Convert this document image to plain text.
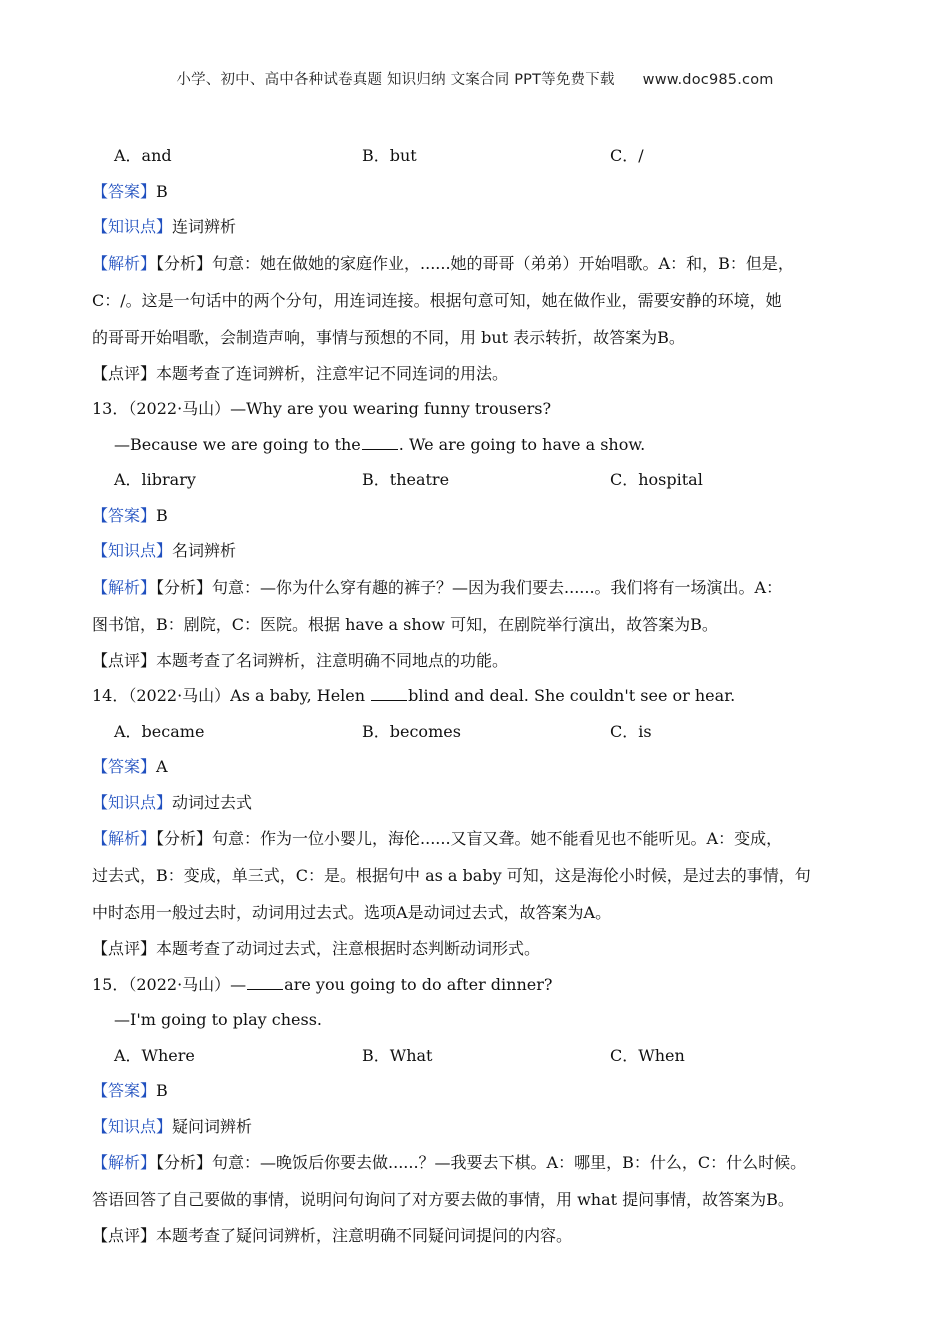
小学、初中、高中各种试卷真题 知识归纳 文案合同 PPT等免费下载 www.doc985.com
A．and	B．but	C．/
【答案】B
【知识点】连词辨析
【解析】【分析】句意：她在做她的家庭作业，......她的哥哥（弟弟）开始唱歌。A：和，B：但是，
C：/。这是一句话中的两个分句，用连词连接。根据句意可知，她在做作业，需要安静的环境，她
的哥哥开始唱歌，会制造声响，事情与预想的不同，用 but 表示转折，故答案为B。
【点评】本题考查了连词辨析，注意牢记不同连词的用法。
13．（2022·马山）—Why are you wearing funny trousers?
—Because we are going to the . We are going to have a show.
A．library	B．theatre	C．hospital
【答案】B
【知识点】名词辨析
【解析】【分析】句意：—你为什么穿有趣的裤子？—因为我们要去......。我们将有一场演出。A：
图书馆，B：剧院，C：医院。根据 have a show 可知，在剧院举行演出，故答案为B。
【点评】本题考查了名词辨析，注意明确不同地点的功能。
14．（2022·马山）As a baby, Helen blind and deal. She couldn't see or hear.
A．became	B．becomes	C．is
【答案】A
【知识点】动词过去式
【解析】【分析】句意：作为一位小婴儿，海伦......又盲又聋。她不能看见也不能听见。A：变成，
过去式，B：变成，单三式，C：是。根据句中 as a baby 可知，这是海伦小时候，是过去的事情，句
中时态用一般过去时，动词用过去式。选项A是动词过去式，故答案为A。
【点评】本题考查了动词过去式，注意根据时态判断动词形式。
15．（2022·马山）— are you going to do after dinner?
—I'm going to play chess.
A．Where	B．What	C．When
【答案】B
【知识点】疑问词辨析
【解析】【分析】句意：—晚饭后你要去做......？—我要去下棋。A：哪里，B：什么，C：什么时候。
答语回答了自己要做的事情，说明问句询问了对方要去做的事情，用 what 提问事情，故答案为B。
【点评】本题考查了疑问词辨析，注意明确不同疑问词提问的内容。
